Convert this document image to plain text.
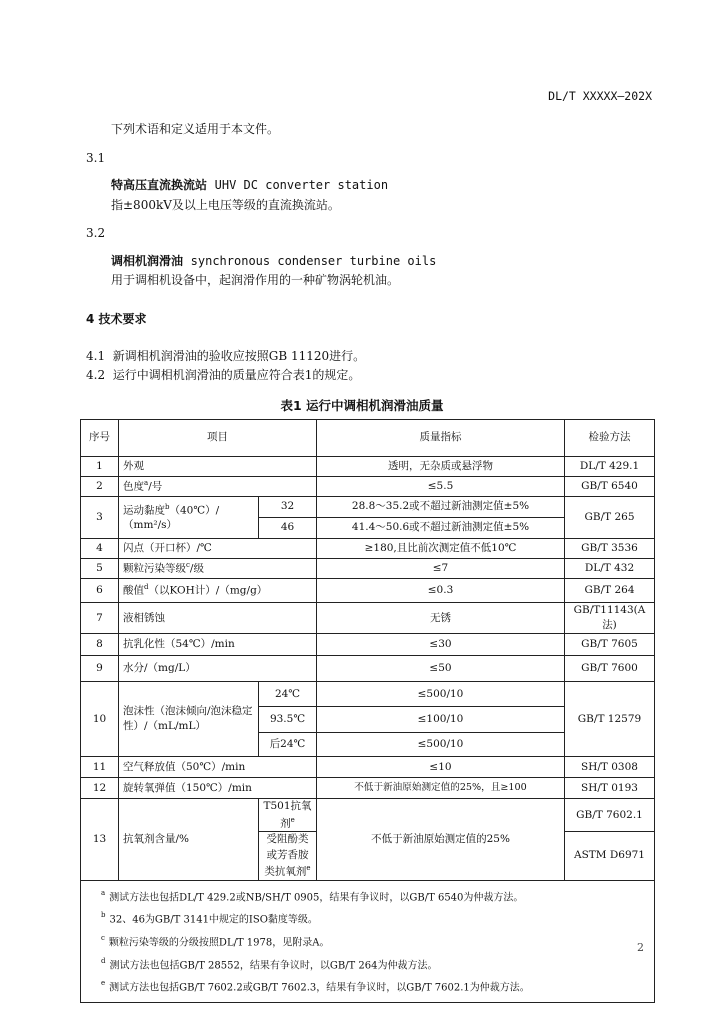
DL/T XXXXX—202X
下列术语和定义适用于本文件。
3.1
特高压直流换流站 UHV DC converter station
指±800kV及以上电压等级的直流换流站。
3.2
调相机润滑油 synchronous condenser turbine oils
用于调相机设备中，起润滑作用的一种矿物涡轮机油。
4 技术要求
4.1 新调相机润滑油的验收应按照GB 11120进行。
4.2 运行中调相机润滑油的质量应符合表1的规定。
表1 运行中调相机润滑油质量
序号	项目		质量指标	检验方法
1	外观		透明，无杂质或悬浮物	DL/T 429.1
2	色度$^a$/号		≤5.5	GB/T 6540
3	运动黏度$^b$（40℃）/
（mm²/s）	32	28.8～35.2或不超过新油测定值±5%	GB/T 265
		46	41.4～50.6或不超过新油测定值±5%	
4	闪点（开口杯）/℃		≥180,且比前次测定值不低10℃	GB/T 3536
5	颗粒污染等级$^c$/级		≤7	DL/T 432
6	酸值$^d$（以KOH计）/（mg/g）		≤0.3	GB/T 264
7	液相锈蚀		无锈	GB/T11143(A法)
8	抗乳化性（54℃）/min		≤30	GB/T 7605
9	水分/（mg/L）		≤50	GB/T 7600
10	泡沫性（泡沫倾向/泡沫稳定性）/（mL/mL）	24℃	≤500/10	GB/T 12579
		93.5℃	≤100/10	
		后24℃	≤500/10	
11	空气释放值（50℃）/min		≤10	SH/T 0308
12	旋转氧弹值（150℃）/min		不低于新油原始测定值的25%，且≥100	SH/T 0193
13	抗氧剂含量/%	T501抗氧剂$^e$	不低于新油原始测定值的25%	GB/T 7602.1
		受阻酚类或芳香胺类抗氧剂$^e$		ASTM D6971

$^a$ 测试方法也包括DL/T 429.2或NB/SH/T 0905，结果有争议时，以GB/T 6540为仲裁方法。
$^b$ 32、46为GB/T 3141中规定的ISO黏度等级。
$^c$ 颗粒污染等级的分级按照DL/T 1978，见附录A。
$^d$ 测试方法也包括GB/T 28552，结果有争议时，以GB/T 264为仲裁方法。
$^e$ 测试方法也包括GB/T 7602.2或GB/T 7602.3，结果有争议时，以GB/T 7602.1为仲裁方法。				
2
